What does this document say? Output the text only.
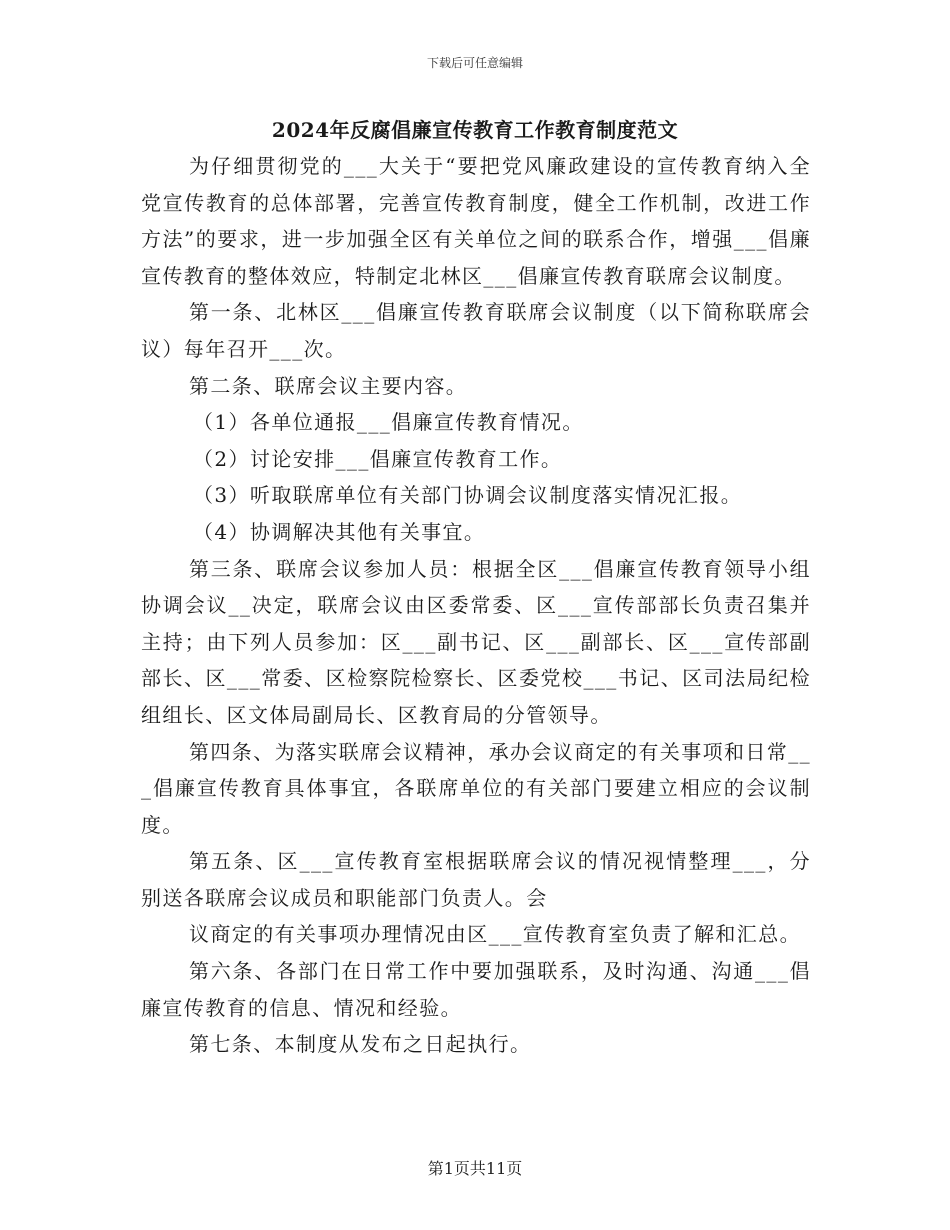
下载后可任意编辑
2024年反腐倡廉宣传教育工作教育制度范文

为仔细贯彻党的___大关于“要把党风廉政建设的宣传教育纳入全党宣传教育的总体部署，完善宣传教育制度，健全工作机制，改进工作方法”的要求，进一步加强全区有关单位之间的联系合作，增强___倡廉宣传教育的整体效应，特制定北林区___倡廉宣传教育联席会议制度。

第一条、北林区___倡廉宣传教育联席会议制度（以下简称联席会议）每年召开___次。

第二条、联席会议主要内容。

（1）各单位通报___倡廉宣传教育情况。

（2）讨论安排___倡廉宣传教育工作。

（3）听取联席单位有关部门协调会议制度落实情况汇报。

（4）协调解决其他有关事宜。

第三条、联席会议参加人员：根据全区___倡廉宣传教育领导小组协调会议__决定，联席会议由区委常委、区___宣传部部长负责召集并主持；由下列人员参加：区___副书记、区___副部长、区___宣传部副部长、区___常委、区检察院检察长、区委党校___书记、区司法局纪检组组长、区文体局副局长、区教育局的分管领导。

第四条、为落实联席会议精神，承办会议商定的有关事项和日常___倡廉宣传教育具体事宜，各联席单位的有关部门要建立相应的会议制度。

第五条、区___宣传教育室根据联席会议的情况视情整理___，分别送各联席会议成员和职能部门负责人。会

议商定的有关事项办理情况由区___宣传教育室负责了解和汇总。

第六条、各部门在日常工作中要加强联系，及时沟通、沟通___倡廉宣传教育的信息、情况和经验。

第七条、本制度从发布之日起执行。

第1页共11页
